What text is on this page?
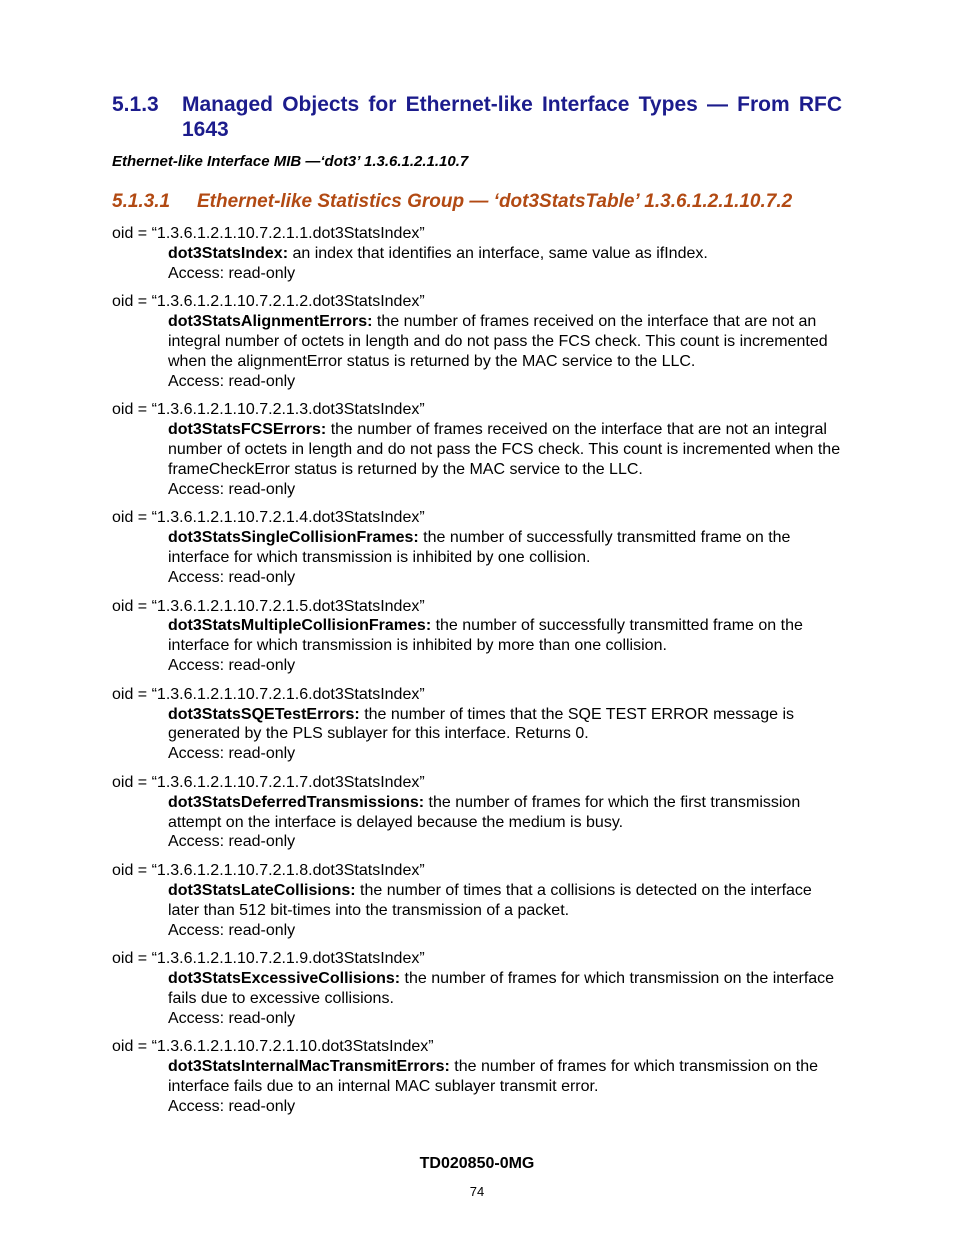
5.1.3 Managed Objects for Ethernet-like Interface Types — From RFC 1643
Ethernet-like Interface MIB —‘dot3’ 1.3.6.1.2.1.10.7
5.1.3.1 Ethernet-like Statistics Group — ‘dot3StatsTable’ 1.3.6.1.2.1.10.7.2
oid = “1.3.6.1.2.1.10.7.2.1.1.dot3StatsIndex”
dot3StatsIndex: an index that identifies an interface, same value as ifIndex.
Access: read-only
oid = “1.3.6.1.2.1.10.7.2.1.2.dot3StatsIndex”
dot3StatsAlignmentErrors: the number of frames received on the interface that are not an integral number of octets in length and do not pass the FCS check. This count is incremented when the alignmentError status is returned by the MAC service to the LLC.
Access: read-only
oid = “1.3.6.1.2.1.10.7.2.1.3.dot3StatsIndex”
dot3StatsFCSErrors: the number of frames received on the interface that are not an integral number of octets in length and do not pass the FCS check. This count is incremented when the frameCheckError status is returned by the MAC service to the LLC.
Access: read-only
oid = “1.3.6.1.2.1.10.7.2.1.4.dot3StatsIndex”
dot3StatsSingleCollisionFrames: the number of successfully transmitted frame on the interface for which transmission is inhibited by one collision.
Access: read-only
oid = “1.3.6.1.2.1.10.7.2.1.5.dot3StatsIndex”
dot3StatsMultipleCollisionFrames: the number of successfully transmitted frame on the interface for which transmission is inhibited by more than one collision.
Access: read-only
oid = “1.3.6.1.2.1.10.7.2.1.6.dot3StatsIndex”
dot3StatsSQETestErrors: the number of times that the SQE TEST ERROR message is generated by the PLS sublayer for this interface. Returns 0.
Access: read-only
oid = “1.3.6.1.2.1.10.7.2.1.7.dot3StatsIndex”
dot3StatsDeferredTransmissions: the number of frames for which the first transmission attempt on the interface is delayed because the medium is busy.
Access: read-only
oid = “1.3.6.1.2.1.10.7.2.1.8.dot3StatsIndex”
dot3StatsLateCollisions: the number of times that a collisions is detected on the interface later than 512 bit-times into the transmission of a packet.
Access: read-only
oid = “1.3.6.1.2.1.10.7.2.1.9.dot3StatsIndex”
dot3StatsExcessiveCollisions: the number of frames for which transmission on the interface fails due to excessive collisions.
Access: read-only
oid = “1.3.6.1.2.1.10.7.2.1.10.dot3StatsIndex”
dot3StatsInternalMacTransmitErrors: the number of frames for which transmission on the interface fails due to an internal MAC sublayer transmit error.
Access: read-only
TD020850-0MG
74
